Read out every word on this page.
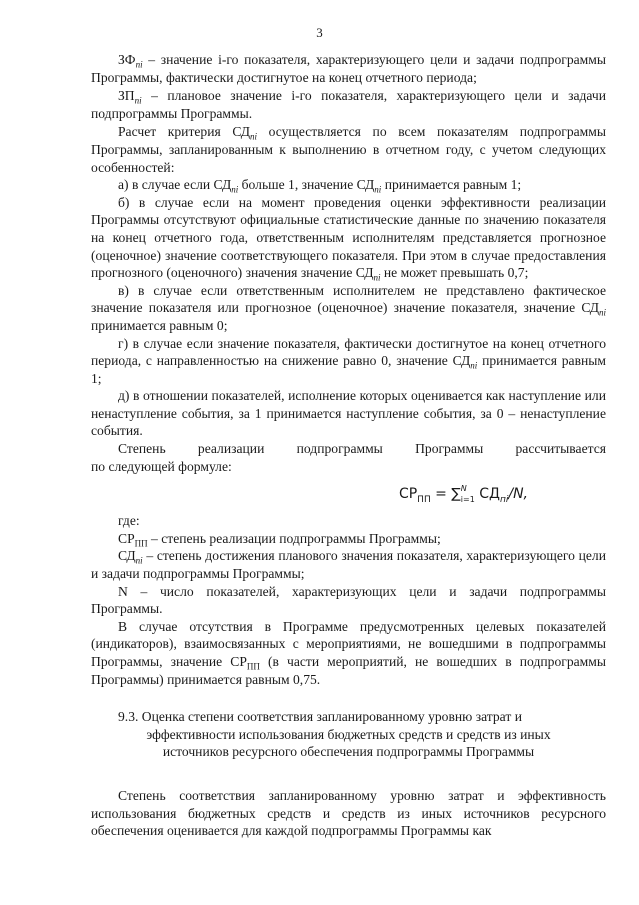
3

$ЗФ_{пi}$ – значение i-го показателя, характеризующего цели и задачи подпрограммы Программы, фактически достигнутое на конец отчетного периода;

$ЗП_{пi}$ – плановое значение i-го показателя, характеризующего цели и задачи подпрограммы Программы.

Расчет критерия $СД_{пi}$ осуществляется по всем показателям подпрограммы Программы, запланированным к выполнению в отчетном году, с учетом следующих особенностей:

а) в случае если $СД_{пi}$ больше 1, значение $СД_{пi}$ принимается равным 1;

б) в случае если на момент проведения оценки эффективности реализации Программы отсутствуют официальные статистические данные по значению показателя на конец отчетного года, ответственным исполнителям представляется прогнозное (оценочное) значение соответствующего показателя. При этом в случае предоставления прогнозного (оценочного) значения значение $СД_{пi}$ не может превышать 0,7;

в) в случае если ответственным исполнителем не представлено фактическое значение показателя или прогнозное (оценочное) значение показателя, значение $СД_{пi}$ принимается равным 0;

г) в случае если значение показателя, фактически достигнутое на конец отчетного периода, с направленностью на снижение равно 0, значение $СД_{пi}$ принимается равным 1;

д) в отношении показателей, исполнение которых оценивается как наступление или ненаступление события, за 1 принимается наступление события, за 0 – ненаступление события.

Степень реализации подпрограммы Программы рассчитывается

по следующей формуле:

$СР_{ПП} = \sum^N_{i=1}$ $СД_{пi}/N$,

где:

$СР_{ПП}$ – степень реализации подпрограммы Программы;

$СД_{пi}$ – степень достижения планового значения показателя, характеризующего цели и задачи подпрограммы Программы;

N – число показателей, характеризующих цели и задачи подпрограммы Программы.

В случае отсутствия в Программе предусмотренных целевых показателей (индикаторов), взаимосвязанных с мероприятиями, не вошедшими в подпрограммы Программы, значение $СР_{ПП}$ (в части мероприятий, не вошедших в подпрограммы Программы) принимается равным 0,75.

9.3. Оценка степени соответствия запланированному уровню затрат и
эффективности использования бюджетных средств и средств из иных
источников ресурсного обеспечения подпрограммы Программы

Степень соответствия запланированному уровню затрат и эффективность использования бюджетных средств и средств из иных источников ресурсного обеспечения оценивается для каждой подпрограммы Программы как
